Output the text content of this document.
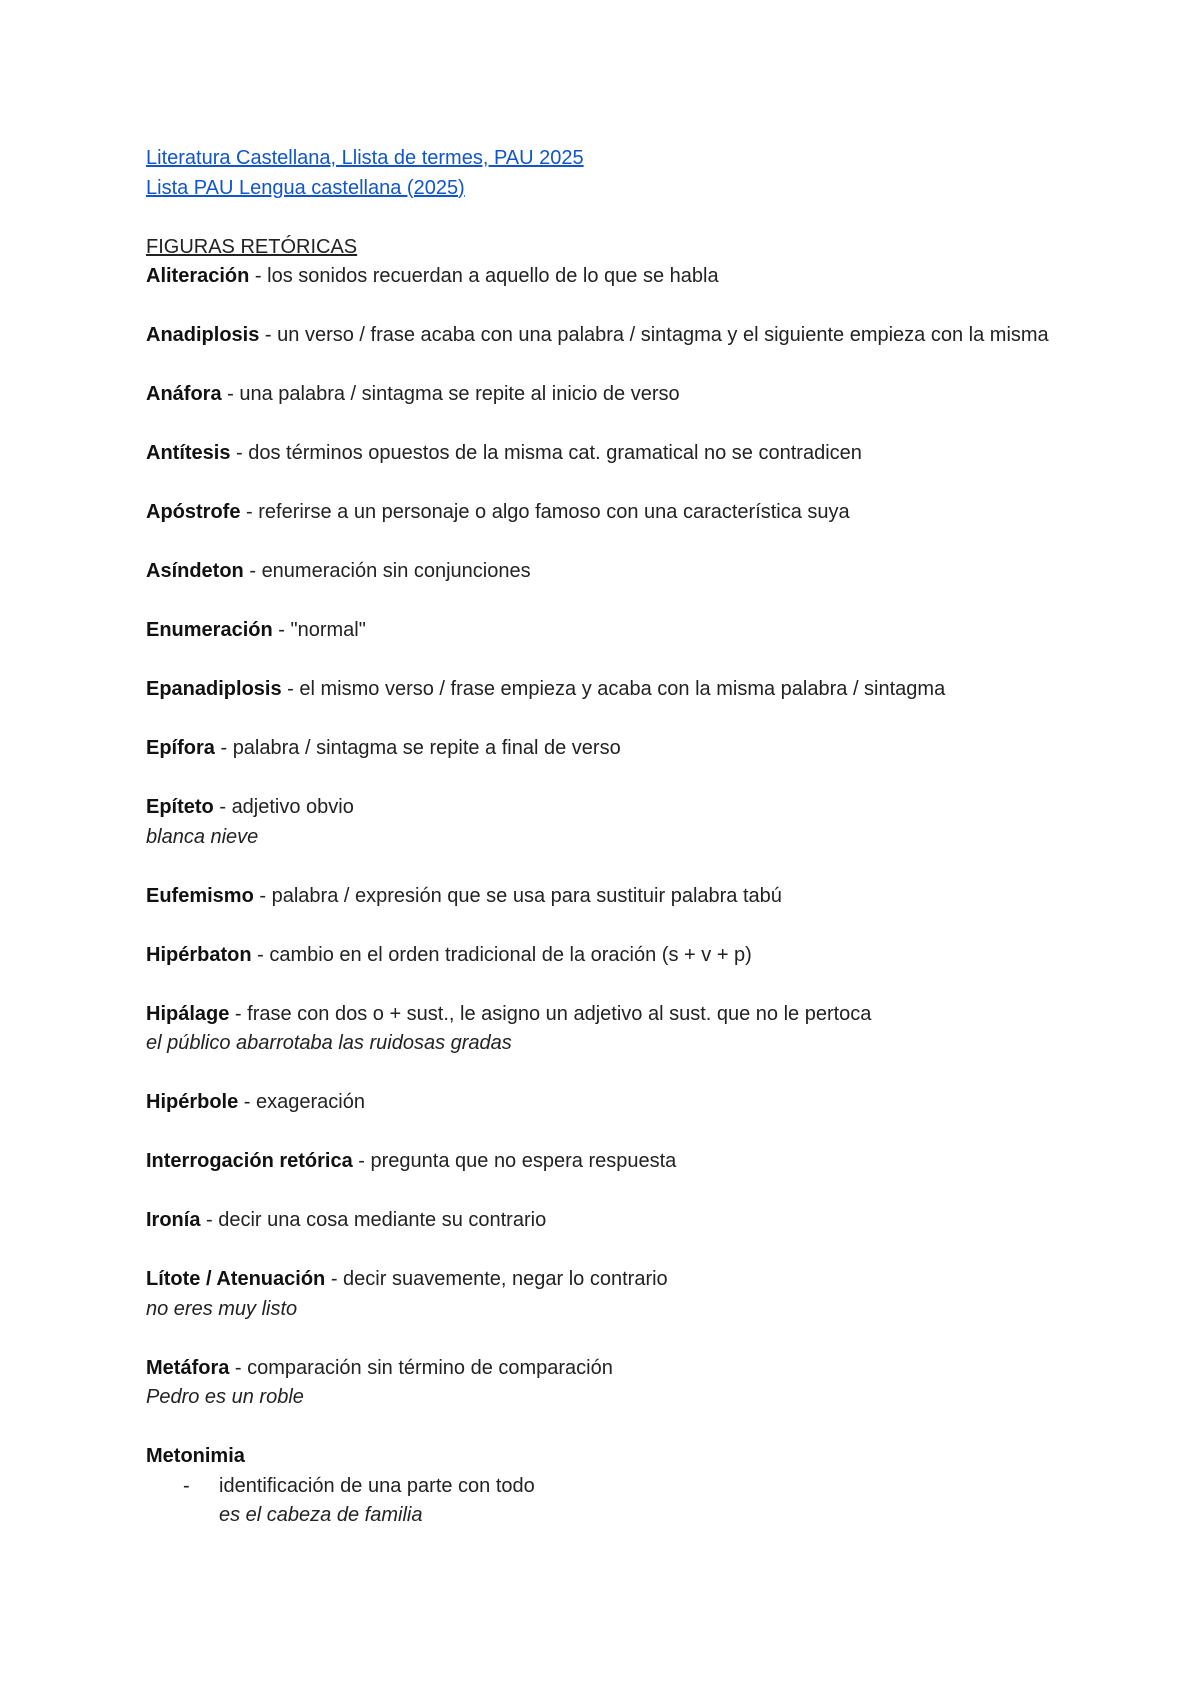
Literatura Castellana, Llista de termes, PAU 2025
Lista PAU Lengua castellana (2025)
FIGURAS RETÓRICAS
Aliteración - los sonidos recuerdan a aquello de lo que se habla
Anadiplosis - un verso / frase acaba con una palabra / sintagma y el siguiente empieza con la misma
Anáfora - una palabra / sintagma se repite al inicio de verso
Antítesis - dos términos opuestos de la misma cat. gramatical no se contradicen
Apóstrofe - referirse a un personaje o algo famoso con una característica suya
Asíndeton - enumeración sin conjunciones
Enumeración - "normal"
Epanadiplosis - el mismo verso / frase empieza y acaba con la misma palabra / sintagma
Epífora - palabra / sintagma se repite a final de verso
Epíteto - adjetivo obvio
blanca nieve
Eufemismo - palabra / expresión que se usa para sustituir palabra tabú
Hipérbaton - cambio en el orden tradicional de la oración (s + v + p)
Hipálage - frase con dos o + sust., le asigno un adjetivo al sust. que no le pertoca
el público abarrotaba las ruidosas gradas
Hipérbole - exageración
Interrogación retórica - pregunta que no espera respuesta
Ironía - decir una cosa mediante su contrario
Lítote / Atenuación - decir suavemente, negar lo contrario
no eres muy listo
Metáfora - comparación sin término de comparación
Pedro es un roble
Metonimia
- identificación de una parte con todo
es el cabeza de familia
